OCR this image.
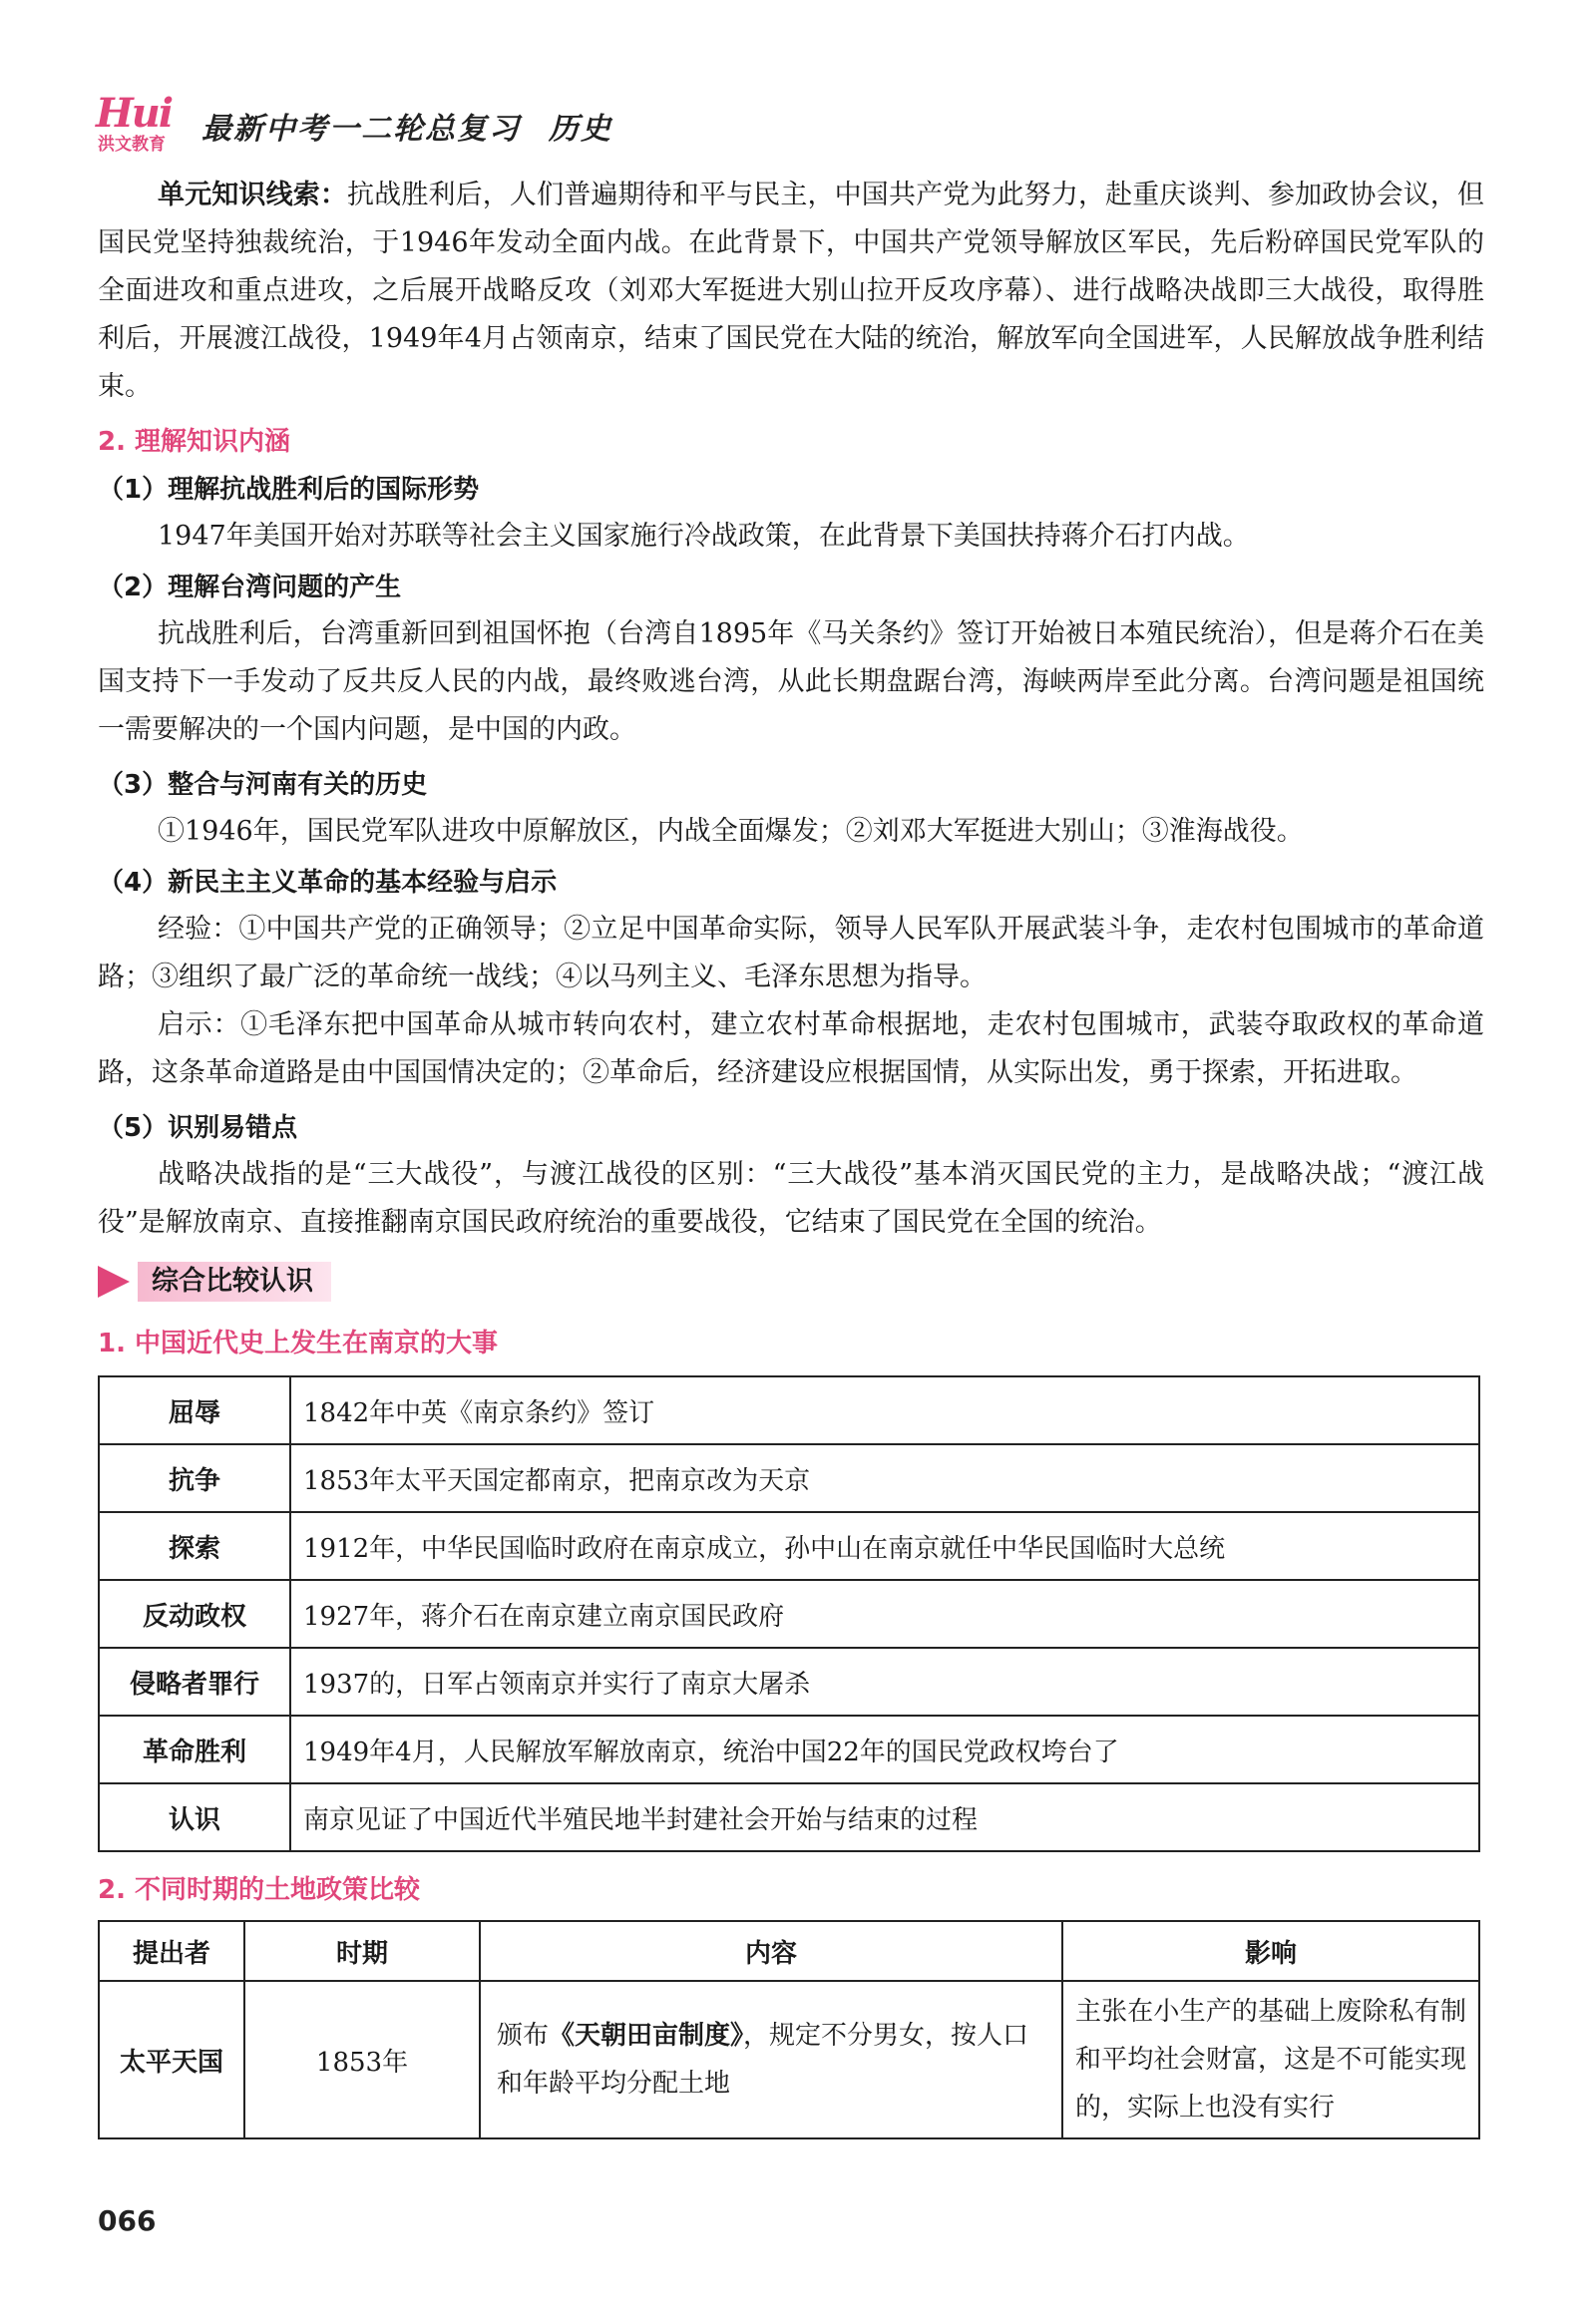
Hui
洪文教育 最新中考一二轮总复习 历史

单元知识线索：抗战胜利后，人们普遍期待和平与民主，中国共产党为此努力，赴重庆谈判、参加政协会议，但国民党坚持独裁统治，于1946年发动全面内战。在此背景下，中国共产党领导解放区军民，先后粉碎国民党军队的全面进攻和重点进攻，之后展开战略反攻（刘邓大军挺进大别山拉开反攻序幕）、进行战略决战即三大战役，取得胜利后，开展渡江战役，1949年4月占领南京，结束了国民党在大陆的统治，解放军向全国进军，人民解放战争胜利结束。

2. 理解知识内涵
（1）理解抗战胜利后的国际形势

1947年美国开始对苏联等社会主义国家施行冷战政策，在此背景下美国扶持蒋介石打内战。

（2）理解台湾问题的产生

抗战胜利后，台湾重新回到祖国怀抱（台湾自1895年《马关条约》签订开始被日本殖民统治），但是蒋介石在美国支持下一手发动了反共反人民的内战，最终败逃台湾，从此长期盘踞台湾，海峡两岸至此分离。台湾问题是祖国统一需要解决的一个国内问题，是中国的内政。

（3）整合与河南有关的历史

①1946年，国民党军队进攻中原解放区，内战全面爆发；②刘邓大军挺进大别山；③淮海战役。

（4）新民主主义革命的基本经验与启示

经验：①中国共产党的正确领导；②立足中国革命实际，领导人民军队开展武装斗争，走农村包围城市的革命道路；③组织了最广泛的革命统一战线；④以马列主义、毛泽东思想为指导。

启示：①毛泽东把中国革命从城市转向农村，建立农村革命根据地，走农村包围城市，武装夺取政权的革命道路，这条革命道路是由中国国情决定的；②革命后，经济建设应根据国情，从实际出发，勇于探索，开拓进取。

（5）识别易错点

战略决战指的是“三大战役”，与渡江战役的区别：“三大战役”基本消灭国民党的主力，是战略决战；“渡江战役”是解放南京、直接推翻南京国民政府统治的重要战役，它结束了国民党在全国的统治。

综合比较认识
1. 中国近代史上发生在南京的大事
屈辱	1842年中英《南京条约》签订
抗争	1853年太平天国定都南京，把南京改为天京
探索	1912年，中华民国临时政府在南京成立，孙中山在南京就任中华民国临时大总统
反动政权	1927年，蒋介石在南京建立南京国民政府
侵略者罪行	1937的，日军占领南京并实行了南京大屠杀
革命胜利	1949年4月，人民解放军解放南京，统治中国22年的国民党政权垮台了
认识	南京见证了中国近代半殖民地半封建社会开始与结束的过程
2. 不同时期的土地政策比较
提出者	时期	内容	影响
太平天国	1853年	颁布《天朝田亩制度》，规定不分男女，按人口和年龄平均分配土地	主张在小生产的基础上废除私有制和平均社会财富，这是不可能实现的，实际上也没有实行
066
